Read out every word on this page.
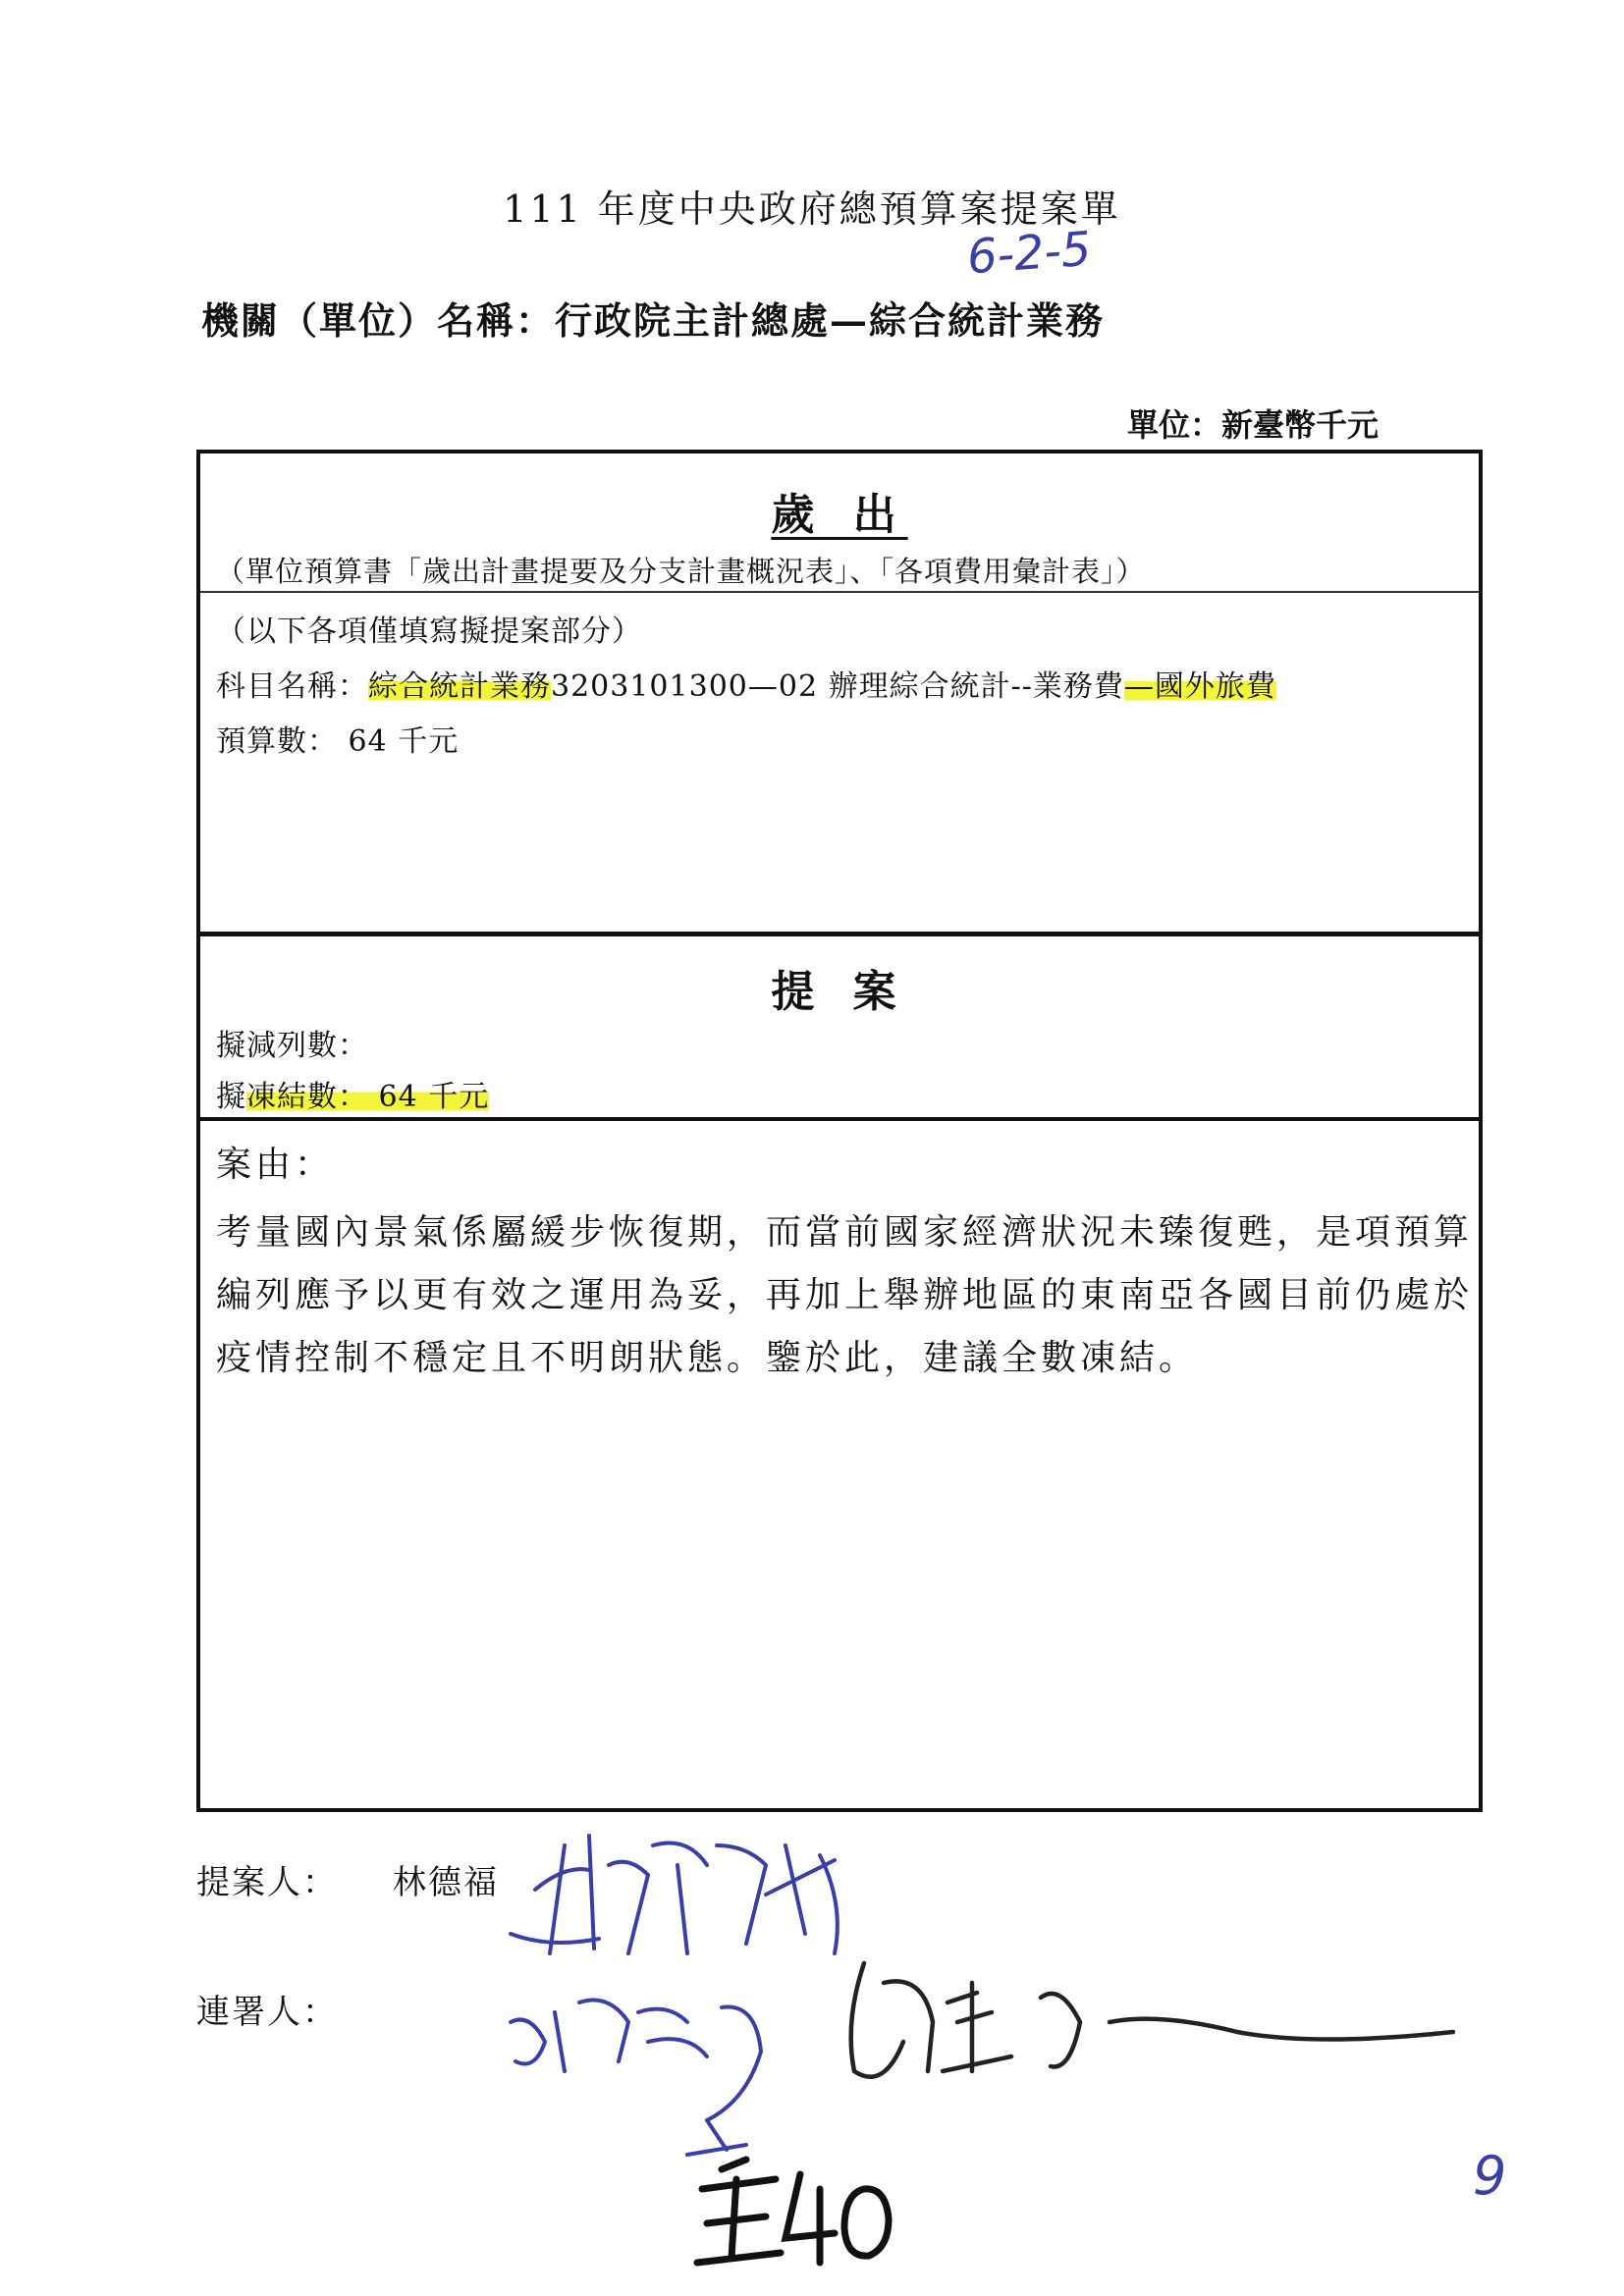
111 年度中央政府總預算案提案單
6-2-5
機關（單位）名稱：行政院主計總處—綜合統計業務
單位：新臺幣千元
歲 出
（單位預算書「歲出計畫提要及分支計畫概況表」、「各項費用彙計表」）
（以下各項僅填寫擬提案部分）
科目名稱：綜合統計業務3203101300—02 辦理綜合統計--業務費—國外旅費
預算數： 64 千元
提 案
擬減列數：
擬凍結數： 64 千元
案由：
考量國內景氣係屬緩步恢復期，而當前國家經濟狀況未臻復甦，是項預算編列應予以更有效之運用為妥，再加上舉辦地區的東南亞各國目前仍處於疫情控制不穩定且不明朗狀態。鑒於此，建議全數凍結。
提案人： 林德福
連署人：
9
